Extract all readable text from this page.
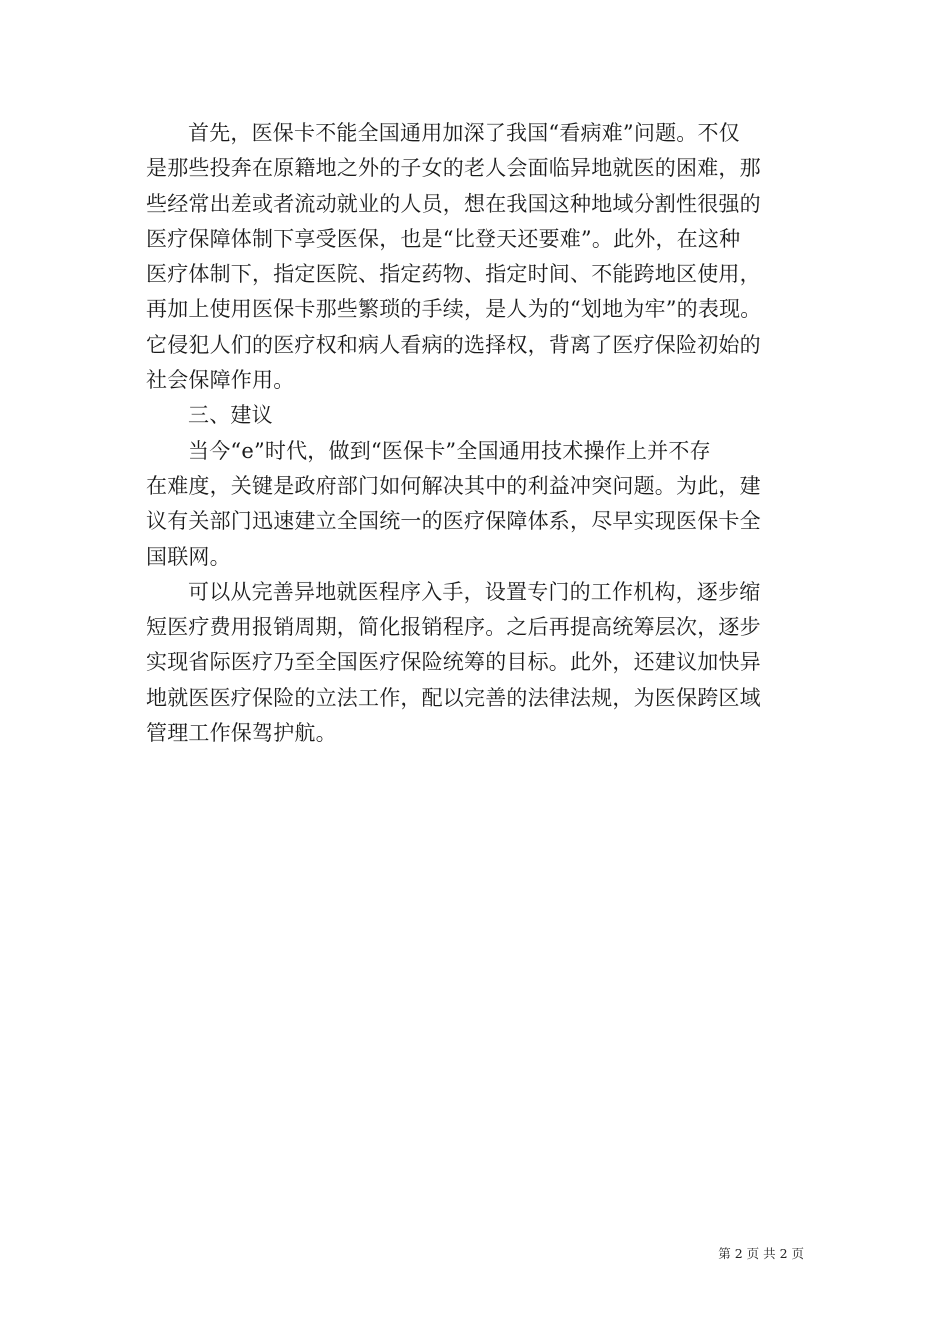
首先，医保卡不能全国通用加深了我国“看病难”问题。不仅
是那些投奔在原籍地之外的子女的老人会面临异地就医的困难，那
些经常出差或者流动就业的人员，想在我国这种地域分割性很强的
医疗保障体制下享受医保，也是“比登天还要难”。此外，在这种
医疗体制下，指定医院、指定药物、指定时间、不能跨地区使用，
再加上使用医保卡那些繁琐的手续，是人为的“划地为牢”的表现。
它侵犯人们的医疗权和病人看病的选择权，背离了医疗保险初始的
社会保障作用。
三、建议
当今“e”时代，做到“医保卡”全国通用技术操作上并不存
在难度，关键是政府部门如何解决其中的利益冲突问题。为此，建
议有关部门迅速建立全国统一的医疗保障体系，尽早实现医保卡全
国联网。
可以从完善异地就医程序入手，设置专门的工作机构，逐步缩
短医疗费用报销周期，简化报销程序。之后再提高统筹层次，逐步
实现省际医疗乃至全国医疗保险统筹的目标。此外，还建议加快异
地就医医疗保险的立法工作，配以完善的法律法规，为医保跨区域
管理工作保驾护航。
第 2 页 共 2 页
